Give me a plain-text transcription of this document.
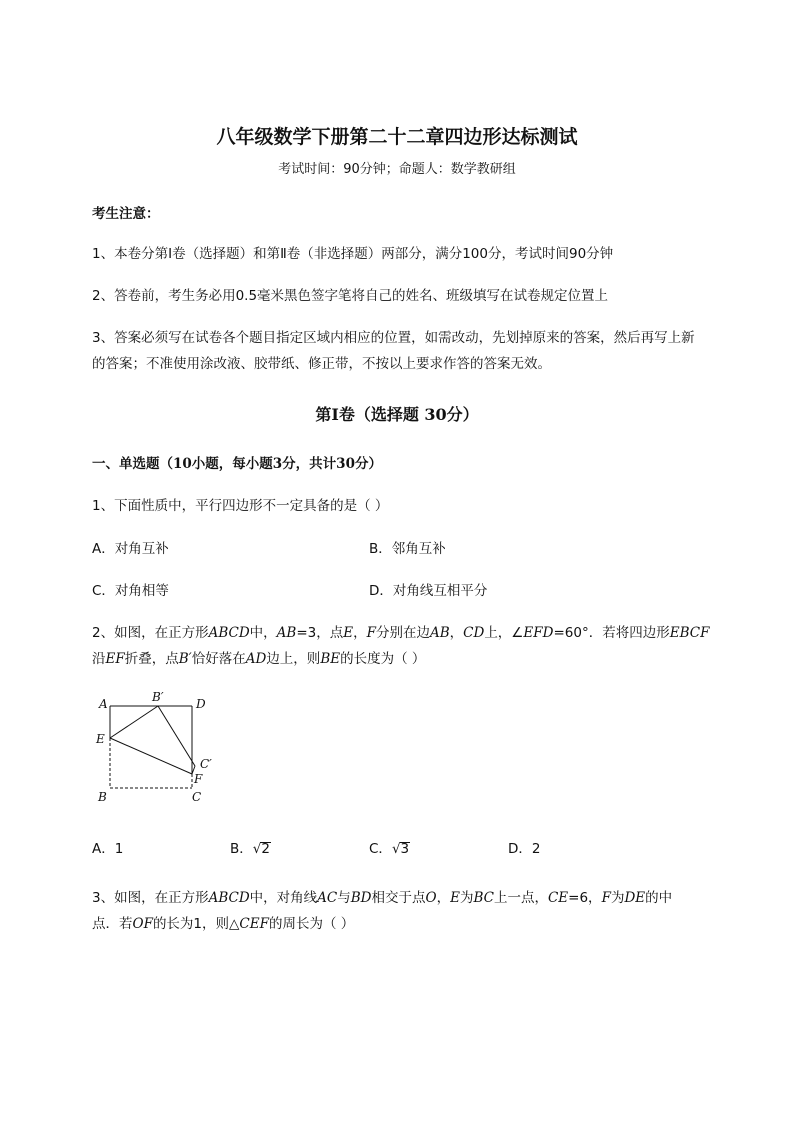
八年级数学下册第二十二章四边形达标测试
考试时间：90分钟；命题人：数学教研组
考生注意：
1、本卷分第I卷（选择题）和第Ⅱ卷（非选择题）两部分，满分100分，考试时间90分钟
2、答卷前，考生务必用0.5毫米黑色签字笔将自己的姓名、班级填写在试卷规定位置上
3、答案必须写在试卷各个题目指定区域内相应的位置，如需改动，先划掉原来的答案，然后再写上新
的答案；不准使用涂改液、胶带纸、修正带，不按以上要求作答的答案无效。
第I卷（选择题 30分）
一、单选题（10小题，每小题3分，共计30分）
1、下面性质中，平行四边形不一定具备的是（ ）
A．对角互补	B．邻角互补
C．对角相等	D．对角线互相平分
2、如图，在正方形ABCD中，AB=3，点E，F分别在边AB，CD上，∠EFD=60°．若将四边形EBCF
沿EF折叠，点B′恰好落在AD边上，则BE的长度为（ ）
A	B′	D
E
C′
F
B	C
A．1	B．√2	C．√3	D．2
3、如图，在正方形ABCD中，对角线AC与BD相交于点O，E为BC上一点，CE=6，F为DE的中
点．若OF的长为1，则△CEF的周长为（ ）
